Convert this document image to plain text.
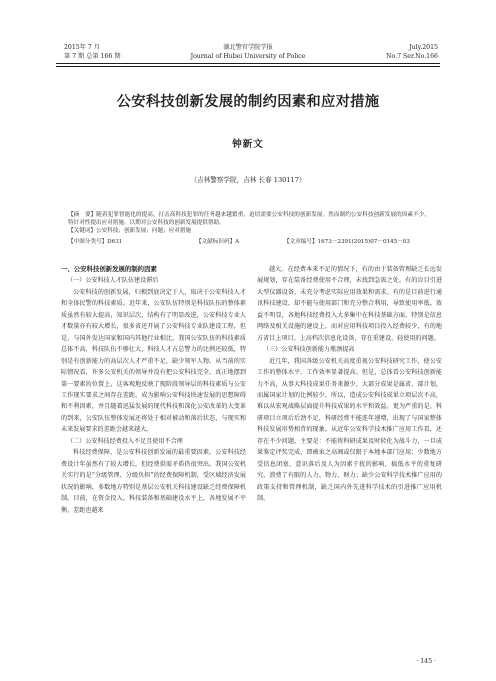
2015年 7 月
第 7 期 总第 166 期
湖北警官学院学报
Journal of Hubei University of Police
July.2015
No.7 Ser.No.166
公安科技创新发展的制约因素和应对措施
钟新文
（吉林警察学院，吉林 长春 130117）
【摘　要】随着犯罪智能化的提高，打击高科技犯罪的任务越来越繁重，迫切需要公安科技的创新发展。然而制约公安科技创新发展的因素不少，特针对性提出应对措施，以期对公安科技的创新发展提供帮助。
【关键词】公安科技；创新发展；问题；应对措施
【中图分类号】D631	【文献标识码】A	【文章编号】1673－2391(2015)07－0145－03

一、公安科技创新发展的制约因素

（一）公安科技人才队伍建设滞后

公安科技的创新发展，归根到底决定于人，取决于公安科技人才和全体民警的科技素质。近年来，公安队伍特别是科技队伍的整体素质虽然有较大提高，知识层次、结构有了明显改进，公安科技专业人才数量亦有较大增长，很多省还开展了公安科技专业队建设工程，但是，与国外发达国家和国内其他行业相比，我国公安队伍的科技素质总体不高，科技队伍不够壮大，科技人才占总警力的比例还较低，特别是有创新能力的高层次人才严重不足，缺少领军人物。从当前的实际情况看，许多公安机关的领导并没有把公安科技完全、真正地摆到第一要素的位置上，这客观地反映了现阶段领导层的科技素质与公安工作现实要求之间存在差距。成为影响公安科技快速发展的思想障碍和不利因素，并且随着迅猛发展的现代科技和深化公安改革的大变革的到来，公安队伍整体发展还将处于相对被动和落后状态，与现实和未来发展要求的差距会越来越大。

（二）公安科技经费投入不足且使用不合理

科技经费保障，是公安科技创新发展的最重要因素。公安科技经费设计年虽然有了较大增长，但经费供需矛盾仍很突出。我国公安机关实行的是“分级管理、分级负担”的经费保障机制，受区域经济发展状况的影响，多数地方特别是基层公安机关科技建设缺乏经费保障机制。目前，在资金投入、科技装备和基础建设水平上，各地发展不平衡，差距也越来

越大。在经费本来不足的情况下，有的由于装备管理缺乏长远发展规划，存在装备经费使用不合理，未找到急需之处。有的盲目引进大型仪器设备，未充分考虑实际应用效果和需求。有的是目前进行通讯科技建设，却不能与使用部门和充分整合利用，导致使用率低、效益不明显，各地科技经费投入大多集中在科技基础方面，特别是信息网络及相关设施的建设上，而对应用科技项目投入经费较少，有的地方省目上项目、上高档次信息化设备，存在重建设、轻使用的问题。

（三）公安科技创新能力瓶颈提高

近几年，我国各级公安机关高度重视公安科技研究工作，使公安工作的整体水平、工作效率显著提高。但是，总体看公安科技创新能力不高，从事大科技成果任务来源少，大部分成果是属省、部计划，而属国家计划的比例较少，所以，造成公安科技成果立项层次不高，难以从宏观战略层面提升科技成果的水平和效益。更为严重的是，科研项目立项后后劲不足，科研经费不能连年递增，出现了与国家整体科技发展形势相背的现象。从近年公安科学技术推广应用工作看，还存在不少问题，主要是：不能将科研成果及时转化为战斗力，一旦成果鉴定评奖完成，即被束之高阁或仅限于本地本部门应用；少数地方受信息闭塞、意识落后及人为因素干扰的影响，搞低水平的重复研究，浪费了有限的人力、物力、财力；缺少公安科学技术推广应用的政策支持和管理机制，缺乏国内外先进科学技术的引进推广应用机制。

· 145 ·
